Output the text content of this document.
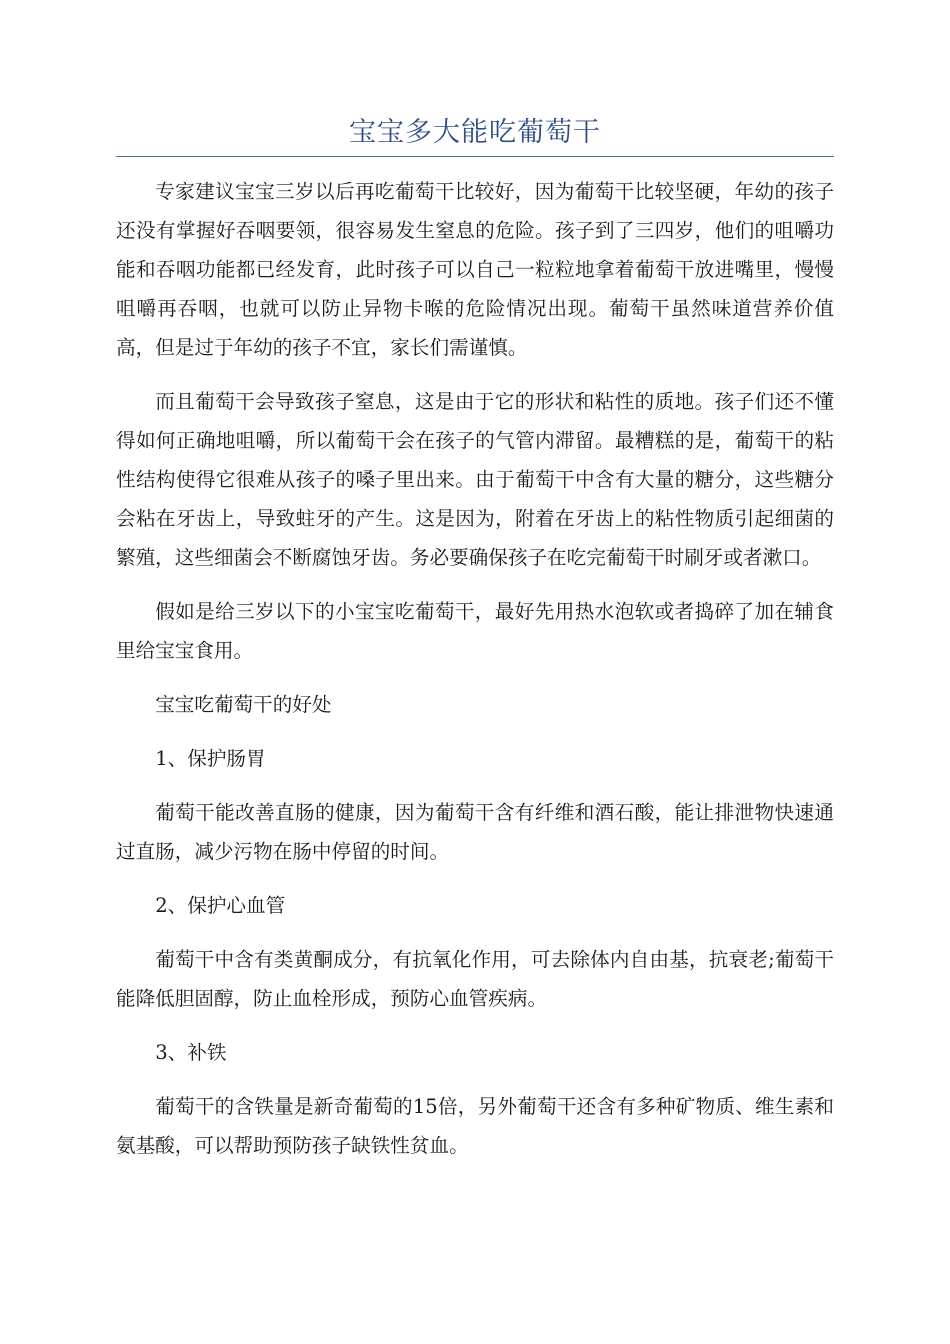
宝宝多大能吃葡萄干

专家建议宝宝三岁以后再吃葡萄干比较好，因为葡萄干比较坚硬，年幼的孩子还没有掌握好吞咽要领，很容易发生窒息的危险。孩子到了三四岁，他们的咀嚼功能和吞咽功能都已经发育，此时孩子可以自己一粒粒地拿着葡萄干放进嘴里，慢慢咀嚼再吞咽，也就可以防止异物卡喉的危险情况出现。葡萄干虽然味道营养价值高，但是过于年幼的孩子不宜，家长们需谨慎。

而且葡萄干会导致孩子窒息，这是由于它的形状和粘性的质地。孩子们还不懂得如何正确地咀嚼，所以葡萄干会在孩子的气管内滞留。最糟糕的是，葡萄干的粘性结构使得它很难从孩子的嗓子里出来。由于葡萄干中含有大量的糖分，这些糖分会粘在牙齿上，导致蛀牙的产生。这是因为，附着在牙齿上的粘性物质引起细菌的繁殖，这些细菌会不断腐蚀牙齿。务必要确保孩子在吃完葡萄干时刷牙或者漱口。

假如是给三岁以下的小宝宝吃葡萄干，最好先用热水泡软或者捣碎了加在辅食里给宝宝食用。

宝宝吃葡萄干的好处

1、保护肠胃

葡萄干能改善直肠的健康，因为葡萄干含有纤维和酒石酸，能让排泄物快速通过直肠，减少污物在肠中停留的时间。

2、保护心血管

葡萄干中含有类黄酮成分，有抗氧化作用，可去除体内自由基，抗衰老;葡萄干能降低胆固醇，防止血栓形成，预防心血管疾病。

3、补铁

葡萄干的含铁量是新奇葡萄的15倍，另外葡萄干还含有多种矿物质、维生素和氨基酸，可以帮助预防孩子缺铁性贫血。
